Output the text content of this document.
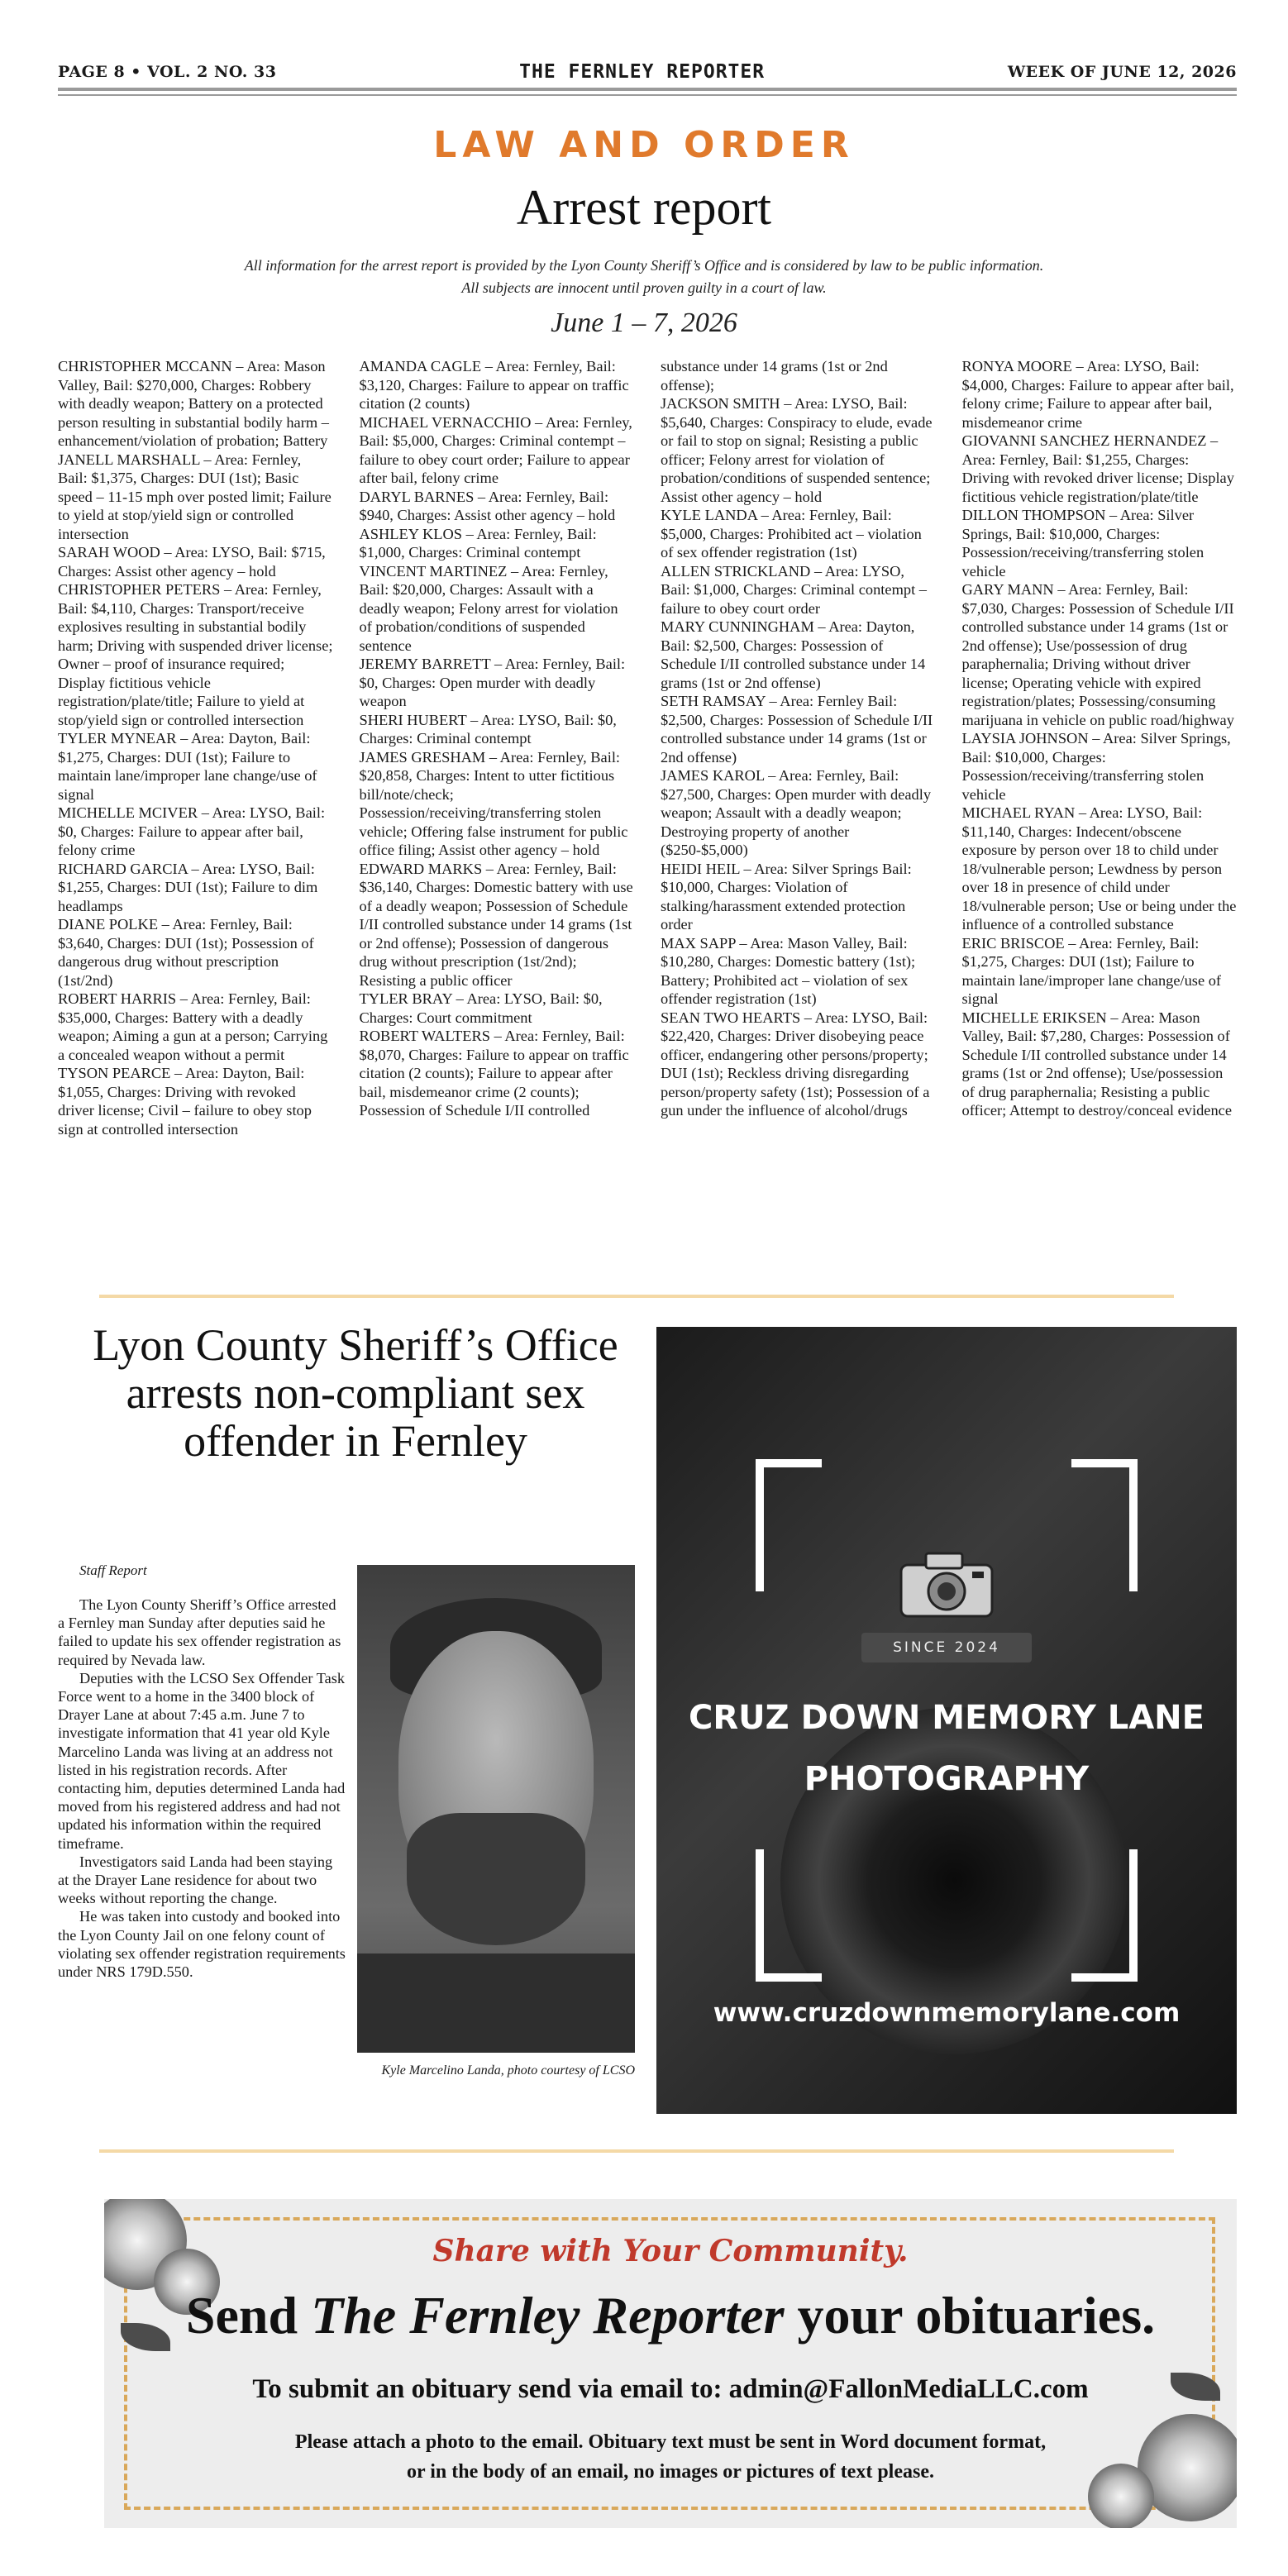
PAGE 8 • VOL. 2 NO. 33	THE FERNLEY REPORTER	WEEK OF JUNE 12, 2026
LAW AND ORDER
Arrest report
All information for the arrest report is provided by the Lyon County Sheriff’s Office and is considered by law to be public information.
All subjects are innocent until proven guilty in a court of law.
June 1 – 7, 2026

CHRISTOPHER MCCANN – Area: Mason Valley, Bail: $270,000, Charges: Robbery with deadly weapon; Battery on a protected person resulting in substantial bodily harm – enhancement/violation of probation; Battery

JANELL MARSHALL – Area: Fernley, Bail: $1,375, Charges: DUI (1st); Basic speed – 11-15 mph over posted limit; Failure to yield at stop/yield sign or controlled intersection

SARAH WOOD – Area: LYSO, Bail: $715, Charges: Assist other agency – hold

CHRISTOPHER PETERS – Area: Fernley, Bail: $4,110, Charges: Transport/receive explosives resulting in substantial bodily harm; Driving with suspended driver license; Owner – proof of insurance required; Display fictitious vehicle registration/plate/title; Failure to yield at stop/yield sign or controlled intersection

TYLER MYNEAR – Area: Dayton, Bail: $1,275, Charges: DUI (1st); Failure to maintain lane/improper lane change/use of signal

MICHELLE MCIVER – Area: LYSO, Bail: $0, Charges: Failure to appear after bail, felony crime

RICHARD GARCIA – Area: LYSO, Bail: $1,255, Charges: DUI (1st); Failure to dim headlamps

DIANE POLKE – Area: Fernley, Bail: $3,640, Charges: DUI (1st); Possession of dangerous drug without prescription (1st/2nd)

ROBERT HARRIS – Area: Fernley, Bail: $35,000, Charges: Battery with a deadly weapon; Aiming a gun at a person; Carrying a concealed weapon without a permit

TYSON PEARCE – Area: Dayton, Bail: $1,055, Charges: Driving with revoked driver license; Civil – failure to obey stop sign at controlled intersection

AMANDA CAGLE – Area: Fernley, Bail: $3,120, Charges: Failure to appear on traffic citation (2 counts)

MICHAEL VERNACCHIO – Area: Fernley, Bail: $5,000, Charges: Criminal contempt – failure to obey court order; Failure to appear after bail, felony crime

DARYL BARNES – Area: Fernley, Bail: $940, Charges: Assist other agency – hold

ASHLEY KLOS – Area: Fernley, Bail: $1,000, Charges: Criminal contempt

VINCENT MARTINEZ – Area: Fernley, Bail: $20,000, Charges: Assault with a deadly weapon; Felony arrest for violation of probation/conditions of suspended sentence

JEREMY BARRETT – Area: Fernley, Bail: $0, Charges: Open murder with deadly weapon

SHERI HUBERT – Area: LYSO, Bail: $0, Charges: Criminal contempt

JAMES GRESHAM – Area: Fernley, Bail: $20,858, Charges: Intent to utter fictitious bill/note/check; Possession/receiving/transferring stolen vehicle; Offering false instrument for public office filing; Assist other agency – hold

EDWARD MARKS – Area: Fernley, Bail: $36,140, Charges: Domestic battery with use of a deadly weapon; Possession of Schedule I/II controlled substance under 14 grams (1st or 2nd offense); Possession of dangerous drug without prescription (1st/2nd); Resisting a public officer

TYLER BRAY – Area: LYSO, Bail: $0, Charges: Court commitment

ROBERT WALTERS – Area: Fernley, Bail: $8,070, Charges: Failure to appear on traffic citation (2 counts); Failure to appear after bail, misdemeanor crime (2 counts); Possession of Schedule I/II controlled substance under 14 grams (1st or 2nd offense);

JACKSON SMITH – Area: LYSO, Bail: $5,640, Charges: Conspiracy to elude, evade or fail to stop on signal; Resisting a public officer; Felony arrest for violation of probation/conditions of suspended sentence; Assist other agency – hold

KYLE LANDA – Area: Fernley, Bail: $5,000, Charges: Prohibited act – violation of sex offender registration (1st)

ALLEN STRICKLAND – Area: LYSO, Bail: $1,000, Charges: Criminal contempt – failure to obey court order

MARY CUNNINGHAM – Area: Dayton, Bail: $2,500, Charges: Possession of Schedule I/II controlled substance under 14 grams (1st or 2nd offense)

SETH RAMSAY – Area: Fernley Bail: $2,500, Charges: Possession of Schedule I/II controlled substance under 14 grams (1st or 2nd offense)

JAMES KAROL – Area: Fernley, Bail: $27,500, Charges: Open murder with deadly weapon; Assault with a deadly weapon; Destroying property of another ($250-$5,000)

HEIDI HEIL – Area: Silver Springs Bail: $10,000, Charges: Violation of stalking/harassment extended protection order

MAX SAPP – Area: Mason Valley, Bail: $10,280, Charges: Domestic battery (1st); Battery; Prohibited act – violation of sex offender registration (1st)

SEAN TWO HEARTS – Area: LYSO, Bail: $22,420, Charges: Driver disobeying peace officer, endangering other persons/property; DUI (1st); Reckless driving disregarding person/property safety (1st); Possession of a gun under the influence of alcohol/drugs

RONYA MOORE – Area: LYSO, Bail: $4,000, Charges: Failure to appear after bail, felony crime; Failure to appear after bail, misdemeanor crime

GIOVANNI SANCHEZ HERNANDEZ – Area: Fernley, Bail: $1,255, Charges: Driving with revoked driver license; Display fictitious vehicle registration/plate/title

DILLON THOMPSON – Area: Silver Springs, Bail: $10,000, Charges: Possession/receiving/transferring stolen vehicle

GARY MANN – Area: Fernley, Bail: $7,030, Charges: Possession of Schedule I/II controlled substance under 14 grams (1st or 2nd offense); Use/possession of drug paraphernalia; Driving without driver license; Operating vehicle with expired registration/plates; Possessing/consuming marijuana in vehicle on public road/highway

LAYSIA JOHNSON – Area: Silver Springs, Bail: $10,000, Charges: Possession/receiving/transferring stolen vehicle

MICHAEL RYAN – Area: LYSO, Bail: $11,140, Charges: Indecent/obscene exposure by person over 18 to child under 18/vulnerable person; Lewdness by person over 18 in presence of child under 18/vulnerable person; Use or being under the influence of a controlled substance

ERIC BRISCOE – Area: Fernley, Bail: $1,275, Charges: DUI (1st); Failure to maintain lane/improper lane change/use of signal

MICHELLE ERIKSEN – Area: Mason Valley, Bail: $7,280, Charges: Possession of Schedule I/II controlled substance under 14 grams (1st or 2nd offense); Use/possession of drug paraphernalia; Resisting a public officer; Attempt to destroy/conceal evidence

Lyon County Sheriff’s Office arrests non-compliant sex offender in Fernley
Staff Report

The Lyon County Sheriff’s Office arrested a Fernley man Sunday after deputies said he failed to update his sex offender registration as required by Nevada law.

Deputies with the LCSO Sex Offender Task Force went to a home in the 3400 block of Drayer Lane at about 7:45 a.m. June 7 to investigate information that 41 year old Kyle Marcelino Landa was living at an address not listed in his registration records. After contacting him, deputies determined Landa had moved from his registered address and had not updated his information within the required timeframe.

Investigators said Landa had been staying at the Drayer Lane residence for about two weeks without reporting the change.

He was taken into custody and booked into the Lyon County Jail on one felony count of violating sex offender registration requirements under NRS 179D.550.

Kyle Marcelino Landa, photo courtesy of LCSO
SINCE 2024
CRUZ DOWN MEMORY LANE
PHOTOGRAPHY
www.cruzdownmemorylane.com
Share with Your Community.
Send The Fernley Reporter your obituaries.
To submit an obituary send via email to: admin@FallonMediaLLC.com
Please attach a photo to the email. Obituary text must be sent in Word document format,
or in the body of an email, no images or pictures of text please.
